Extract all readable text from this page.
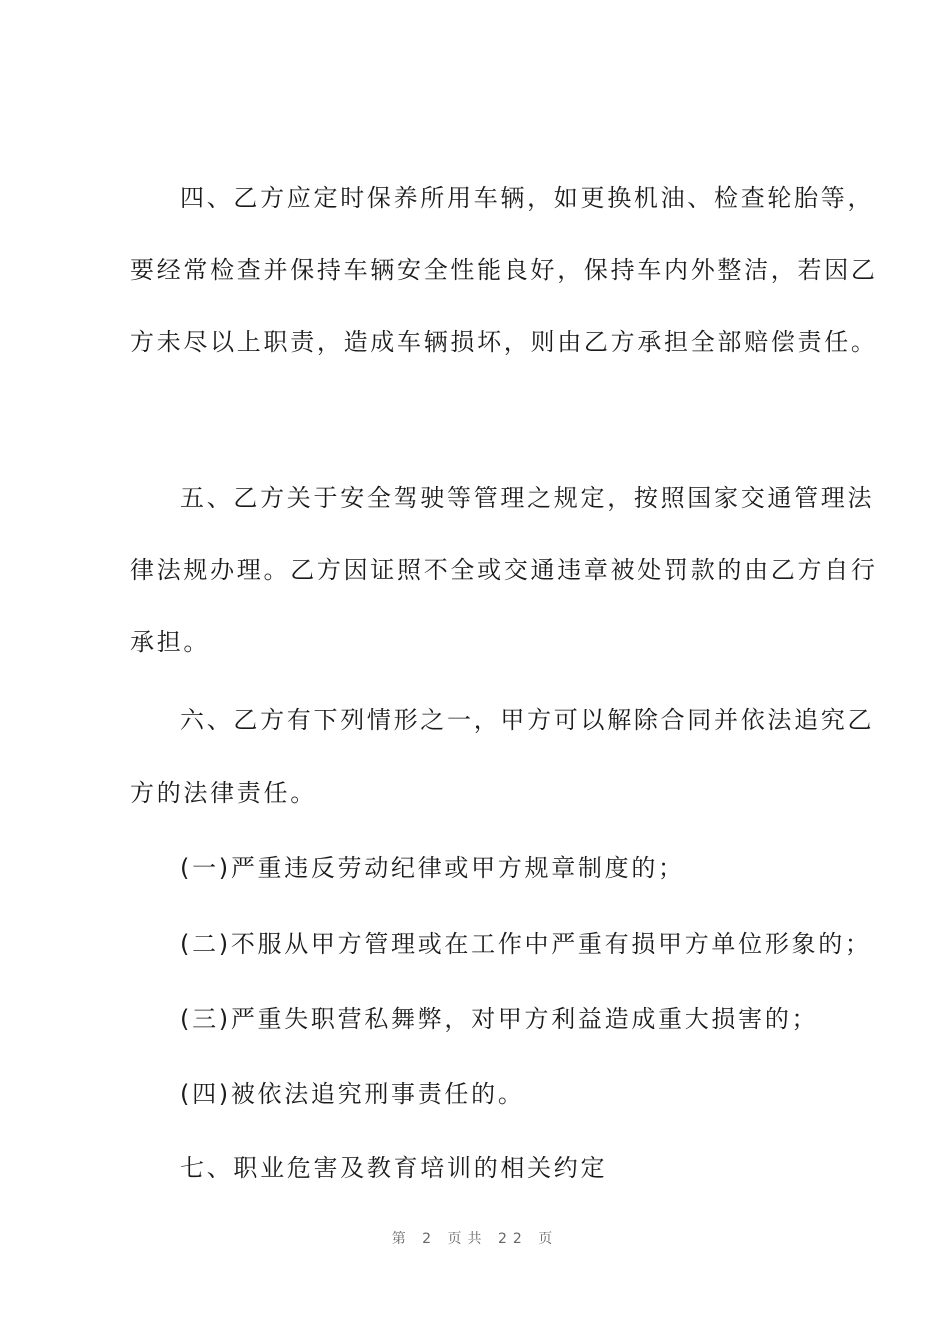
四、乙方应定时保养所用车辆，如更换机油、检查轮胎等，
要经常检查并保持车辆安全性能良好，保持车内外整洁，若因乙
方未尽以上职责，造成车辆损坏，则由乙方承担全部赔偿责任。
五、乙方关于安全驾驶等管理之规定，按照国家交通管理法
律法规办理。乙方因证照不全或交通违章被处罚款的由乙方自行
承担。
六、乙方有下列情形之一，甲方可以解除合同并依法追究乙
方的法律责任。
(一)严重违反劳动纪律或甲方规章制度的；
(二)不服从甲方管理或在工作中严重有损甲方单位形象的；
(三)严重失职营私舞弊，对甲方利益造成重大损害的；
(四)被依法追究刑事责任的。
七、职业危害及教育培训的相关约定
第 2 页共 22 页
